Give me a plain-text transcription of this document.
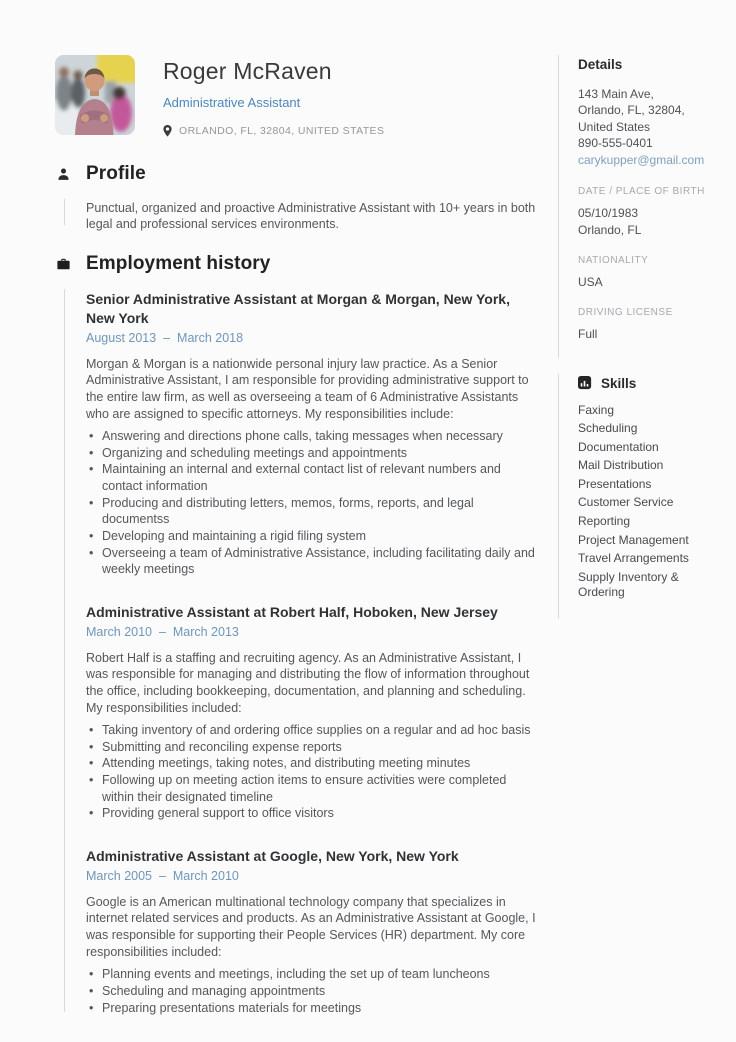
Roger McRaven
Administrative Assistant
ORLANDO, FL, 32804, UNITED STATES
Profile

Punctual, organized and proactive Administrative Assistant with 10+ years in both legal and professional services environments.

Employment history
Senior Administrative Assistant at Morgan & Morgan, New York, New York
August 2013  –  March 2018

Morgan & Morgan is a nationwide personal injury law practice. As a Senior Administrative Assistant, I am responsible for providing administrative support to the entire law firm, as well as overseeing a team of 6 Administrative Assistants who are assigned to specific attorneys. My responsibilities include:

• Answering and directions phone calls, taking messages when necessary
• Organizing and scheduling meetings and appointments
• Maintaining an internal and external contact list of relevant numbers and contact information
• Producing and distributing letters, memos, forms, reports, and legal documentss
• Developing and maintaining a rigid filing system
• Overseeing a team of Administrative Assistance, including facilitating daily and weekly meetings
Administrative Assistant at Robert Half, Hoboken, New Jersey
March 2010  –  March 2013

Robert Half is a staffing and recruiting agency. As an Administrative Assistant, I was responsible for managing and distributing the flow of information throughout the office, including bookkeeping, documentation, and planning and scheduling. My responsibilities included:

• Taking inventory of and ordering office supplies on a regular and ad hoc basis
• Submitting and reconciling expense reports
• Attending meetings, taking notes, and distributing meeting minutes
• Following up on meeting action items to ensure activities were completed within their designated timeline
• Providing general support to office visitors
Administrative Assistant at Google, New York, New York
March 2005  –  March 2010

Google is an American multinational technology company that specializes in internet related services and products. As an Administrative Assistant at Google, I was responsible for supporting their People Services (HR) department. My core responsibilities included:

• Planning events and meetings, including the set up of team luncheons
• Scheduling and managing appointments
• Preparing presentations materials for meetings
Details
143 Main Ave, Orlando, FL, 32804, United States
890-555-0401
carykupper@gmail.com
DATE / PLACE OF BIRTH
05/10/1983
Orlando, FL
NATIONALITY
USA
DRIVING LICENSE
Full
Skills
Faxing
Scheduling
Documentation
Mail Distribution
Presentations
Customer Service
Reporting
Project Management
Travel Arrangements
Supply Inventory & Ordering
